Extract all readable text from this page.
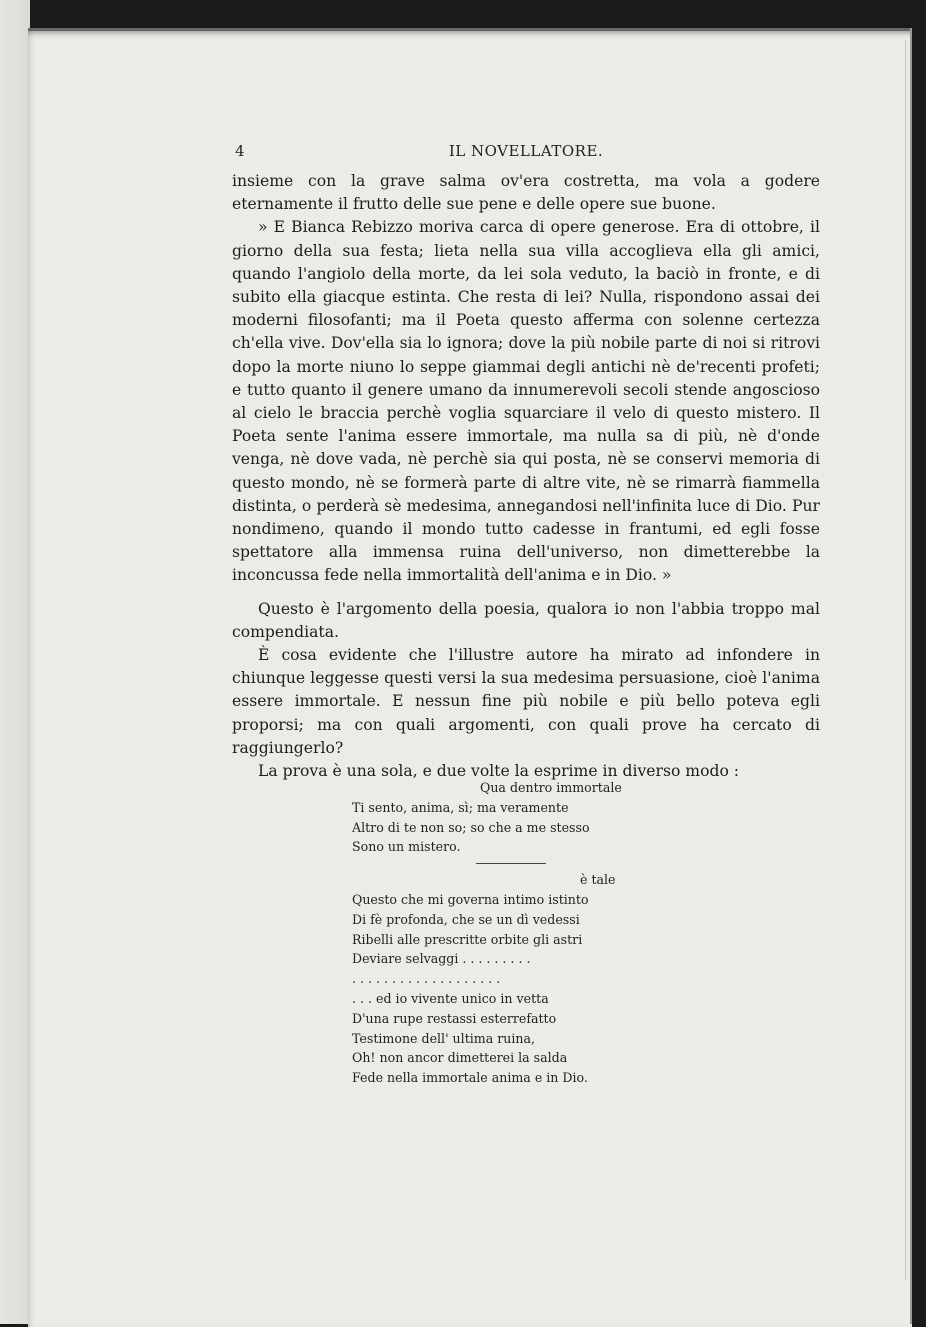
4	IL NOVELLATORE.

insieme con la grave salma ov'era costretta, ma vola a godere eternamente il frutto delle sue pene e delle opere sue buone.

» E Bianca Rebizzo moriva carca di opere generose. Era di ottobre, il giorno della sua festa; lieta nella sua villa accoglieva ella gli amici, quando l'angiolo della morte, da lei sola veduto, la baciò in fronte, e di subito ella giacque estinta. Che resta di lei? Nulla, rispondono assai dei moderni filosofanti; ma il Poeta questo afferma con solenne certezza ch'ella vive. Dov'ella sia lo ignora; dove la più nobile parte di noi si ritrovi dopo la morte niuno lo seppe giammai degli antichi nè de'recenti profeti; e tutto quanto il genere umano da innumerevoli secoli stende angoscioso al cielo le braccia perchè voglia squarciare il velo di questo mistero. Il Poeta sente l'anima essere immortale, ma nulla sa di più, nè d'onde venga, nè dove vada, nè perchè sia qui posta, nè se conservi memoria di questo mondo, nè se formerà parte di altre vite, nè se rimarrà fiammella distinta, o perderà sè medesima, annegandosi nell'infinita luce di Dio. Pur nondimeno, quando il mondo tutto cadesse in frantumi, ed egli fosse spettatore alla immensa ruina dell'universo, non dimetterebbe la inconcussa fede nella immortalità dell'anima e in Dio. »

Questo è l'argomento della poesia, qualora io non l'abbia troppo mal compendiata.

È cosa evidente che l'illustre autore ha mirato ad infondere in chiunque leggesse questi versi la sua medesima persuasione, cioè l'anima essere immortale. E nessun fine più nobile e più bello poteva egli proporsi; ma con quali argomenti, con quali prove ha cercato di raggiungerlo?

La prova è una sola, e due volte la esprime in diverso modo :

Qua dentro immortale
Ti sento, anima, sì; ma veramente
Altro di te non so; so che a me stesso
Sono un mistero.
è tale
Questo che mi governa intimo istinto
Di fè profonda, che se un dì vedessi
Ribelli alle prescritte orbite gli astri
Deviare selvaggi . . . . . . . . .
. . . . . . . . . . . . . . . . . . .
. . . ed io vivente unico in vetta
D'una rupe restassi esterrefatto
Testimone dell' ultima ruina,
Oh! non ancor dimetterei la salda
Fede nella immortale anima e in Dio.
